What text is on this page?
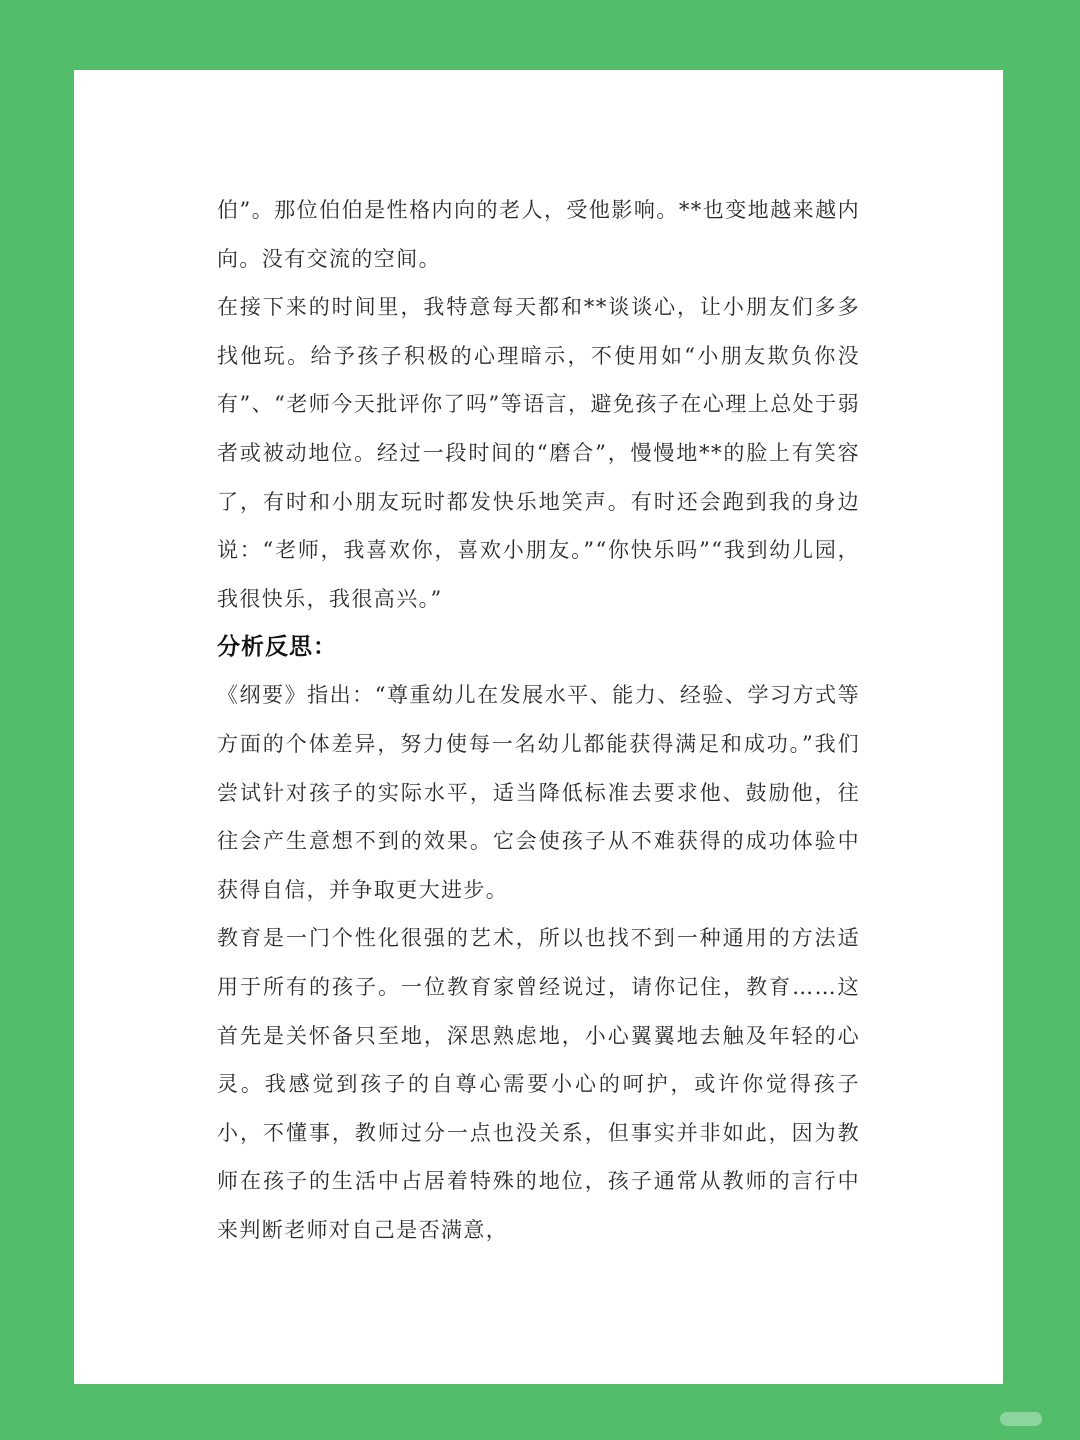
伯”。那位伯伯是性格内向的老人，受他影响。**也变地越来越内向。没有交流的空间。

在接下来的时间里，我特意每天都和**谈谈心，让小朋友们多多找他玩。给予孩子积极的心理暗示，不使用如“小朋友欺负你没有”、“老师今天批评你了吗”等语言，避免孩子在心理上总处于弱者或被动地位。经过一段时间的“磨合”，慢慢地**的脸上有笑容了，有时和小朋友玩时都发快乐地笑声。有时还会跑到我的身边说：“老师，我喜欢你，喜欢小朋友。”“你快乐吗”“我到幼儿园，我很快乐，我很高兴。”

分析反思：

《纲要》指出：“尊重幼儿在发展水平、能力、经验、学习方式等方面的个体差异，努力使每一名幼儿都能获得满足和成功。”我们尝试针对孩子的实际水平，适当降低标准去要求他、鼓励他，往往会产生意想不到的效果。它会使孩子从不难获得的成功体验中获得自信，并争取更大进步。

教育是一门个性化很强的艺术，所以也找不到一种通用的方法适用于所有的孩子。一位教育家曾经说过，请你记住，教育……这首先是关怀备只至地，深思熟虑地，小心翼翼地去触及年轻的心灵。我感觉到孩子的自尊心需要小心的呵护，或许你觉得孩子小，不懂事，教师过分一点也没关系，但事实并非如此，因为教师在孩子的生活中占居着特殊的地位，孩子通常从教师的言行中来判断老师对自己是否满意，
